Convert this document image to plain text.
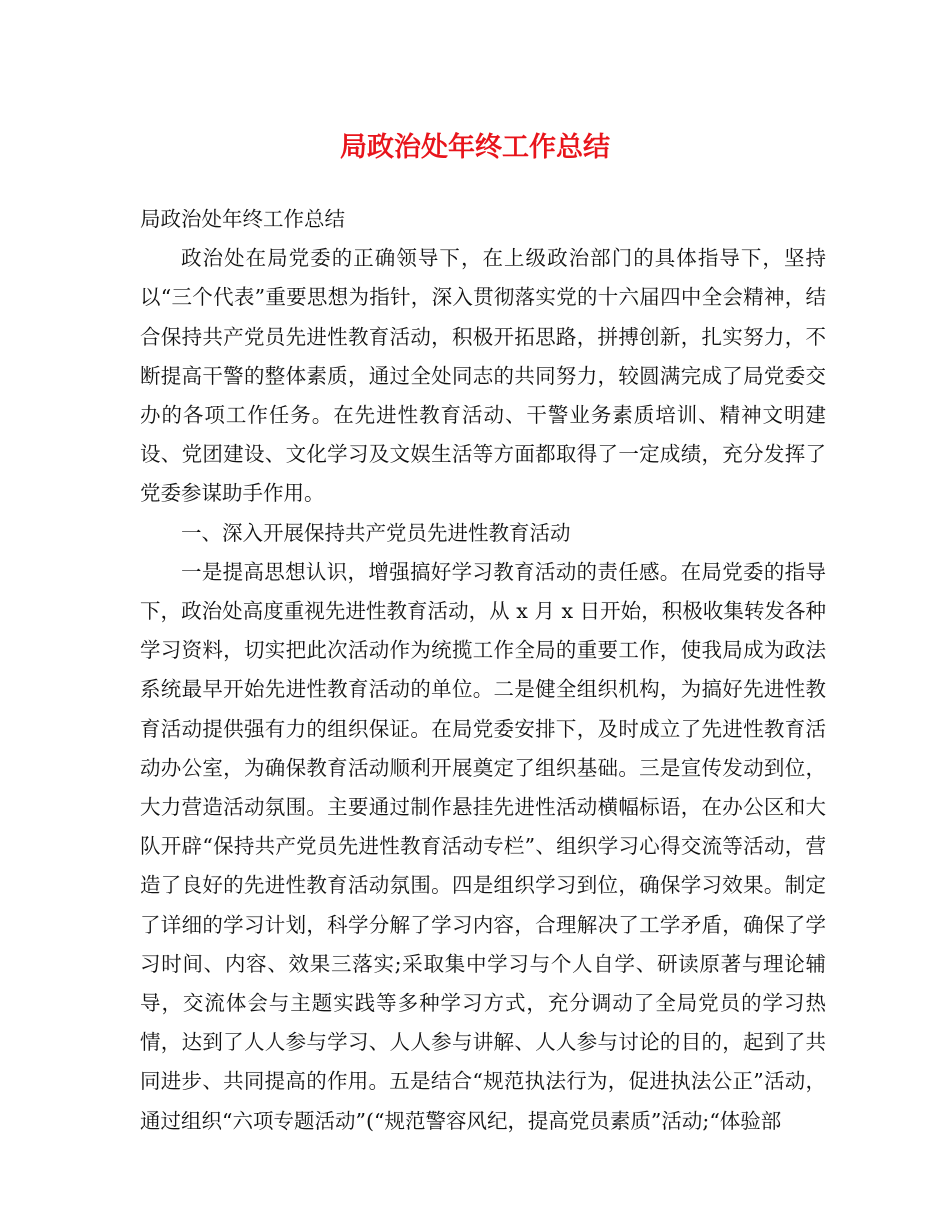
局政治处年终工作总结

局政治处年终工作总结

政治处在局党委的正确领导下，在上级政治部门的具体指导下，坚持以“三个代表”重要思想为指针，深入贯彻落实党的十六届四中全会精神，结合保持共产党员先进性教育活动，积极开拓思路，拼搏创新，扎实努力，不断提高干警的整体素质，通过全处同志的共同努力，较圆满完成了局党委交办的各项工作任务。在先进性教育活动、干警业务素质培训、精神文明建设、党团建设、文化学习及文娱生活等方面都取得了一定成绩，充分发挥了党委参谋助手作用。

一、深入开展保持共产党员先进性教育活动

一是提高思想认识，增强搞好学习教育活动的责任感。在局党委的指导下，政治处高度重视先进性教育活动，从 x 月 x 日开始，积极收集转发各种学习资料，切实把此次活动作为统揽工作全局的重要工作，使我局成为政法系统最早开始先进性教育活动的单位。二是健全组织机构，为搞好先进性教育活动提供强有力的组织保证。在局党委安排下，及时成立了先进性教育活动办公室，为确保教育活动顺利开展奠定了组织基础。三是宣传发动到位，大力营造活动氛围。主要通过制作悬挂先进性活动横幅标语，在办公区和大队开辟“保持共产党员先进性教育活动专栏”、组织学习心得交流等活动，营造了良好的先进性教育活动氛围。四是组织学习到位，确保学习效果。制定了详细的学习计划，科学分解了学习内容，合理解决了工学矛盾，确保了学习时间、内容、效果三落实;采取集中学习与个人自学、研读原著与理论辅导，交流体会与主题实践等多种学习方式，充分调动了全局党员的学习热情，达到了人人参与学习、人人参与讲解、人人参与讨论的目的，起到了共同进步、共同提高的作用。五是结合“规范执法行为，促进执法公正”活动，通过组织“六项专题活动”(“规范警容风纪，提高党员素质”活动;“体验部
